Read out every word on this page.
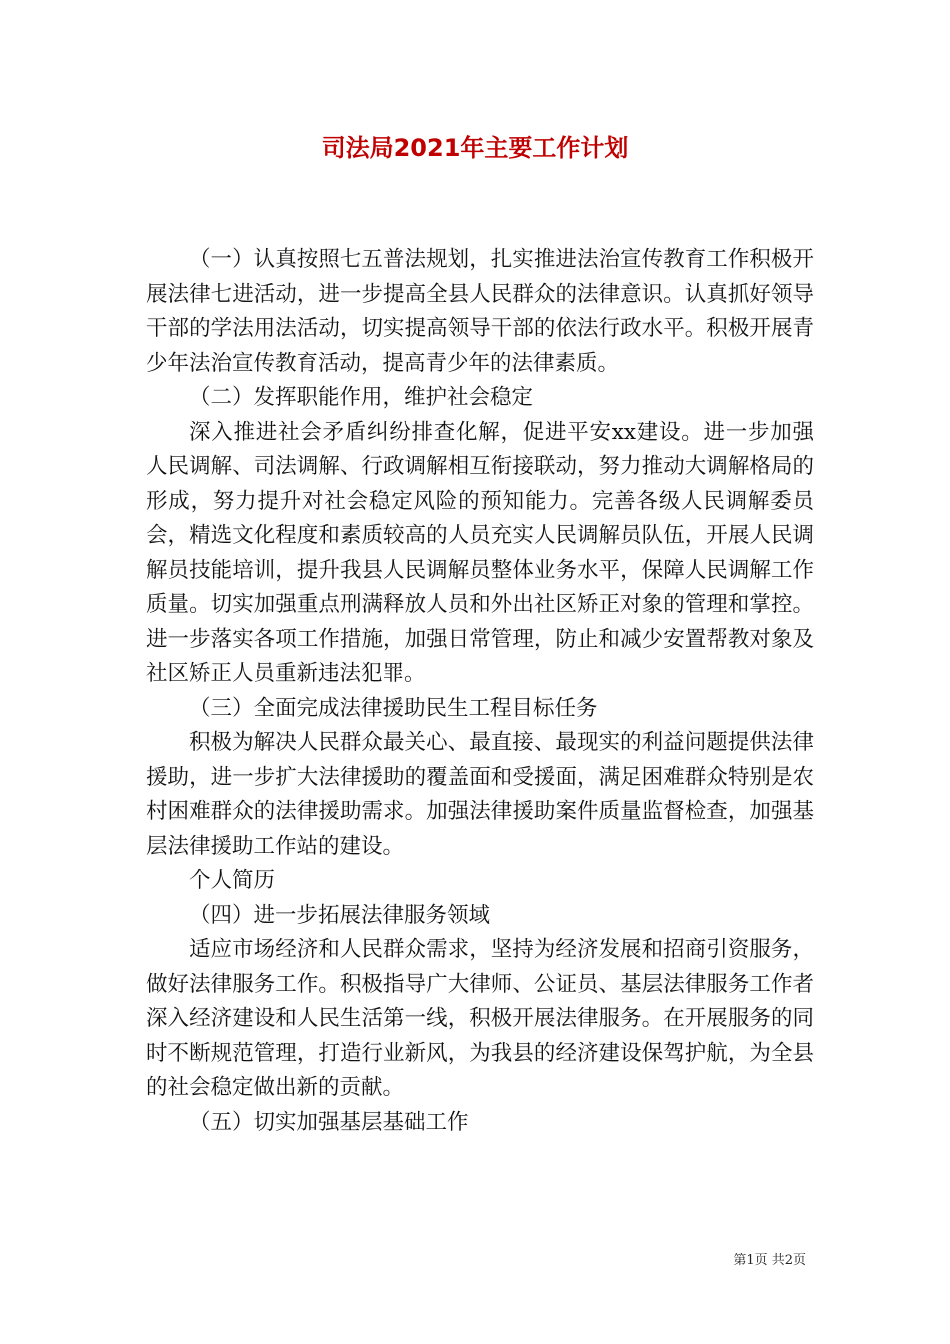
司法局2021年主要工作计划

（一）认真按照七五普法规划，扎实推进法治宣传教育工作积极开展法律七进活动，进一步提高全县人民群众的法律意识。认真抓好领导干部的学法用法活动，切实提高领导干部的依法行政水平。积极开展青少年法治宣传教育活动，提高青少年的法律素质。

（二）发挥职能作用，维护社会稳定

深入推进社会矛盾纠纷排查化解，促进平安xx建设。进一步加强人民调解、司法调解、行政调解相互衔接联动，努力推动大调解格局的形成，努力提升对社会稳定风险的预知能力。完善各级人民调解委员会，精选文化程度和素质较高的人员充实人民调解员队伍，开展人民调解员技能培训，提升我县人民调解员整体业务水平，保障人民调解工作质量。切实加强重点刑满释放人员和外出社区矫正对象的管理和掌控。进一步落实各项工作措施，加强日常管理，防止和减少安置帮教对象及社区矫正人员重新违法犯罪。

（三）全面完成法律援助民生工程目标任务

积极为解决人民群众最关心、最直接、最现实的利益问题提供法律援助，进一步扩大法律援助的覆盖面和受援面，满足困难群众特别是农村困难群众的法律援助需求。加强法律援助案件质量监督检查，加强基层法律援助工作站的建设。

个人简历

（四）进一步拓展法律服务领域

适应市场经济和人民群众需求，坚持为经济发展和招商引资服务，做好法律服务工作。积极指导广大律师、公证员、基层法律服务工作者深入经济建设和人民生活第一线，积极开展法律服务。在开展服务的同时不断规范管理，打造行业新风，为我县的经济建设保驾护航，为全县的社会稳定做出新的贡献。

（五）切实加强基层基础工作

第1页 共2页
